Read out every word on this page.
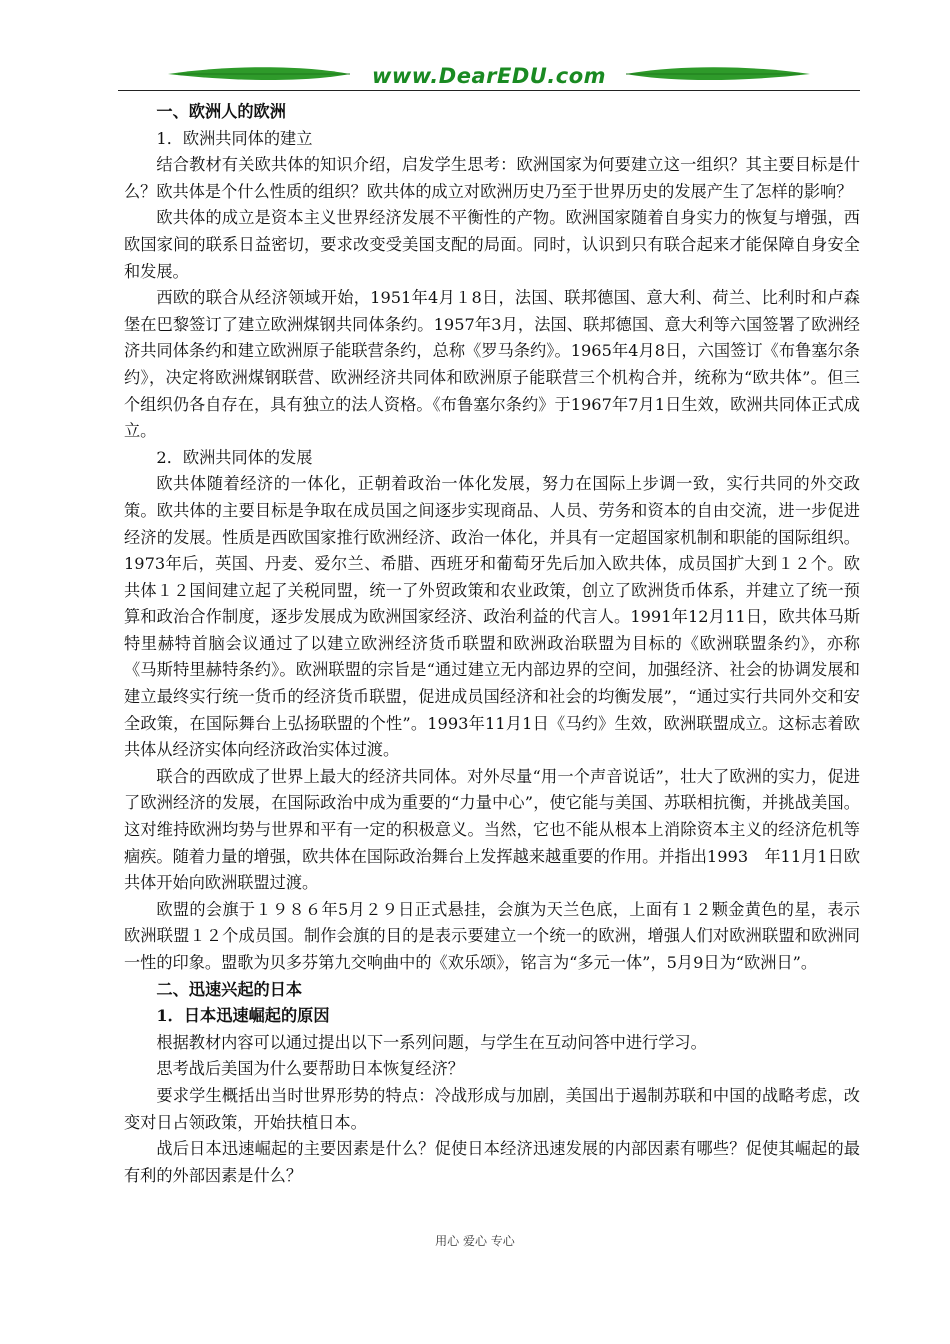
www.DearEDU.com

一、欧洲人的欧洲

1．欧洲共同体的建立

结合教材有关欧共体的知识介绍，启发学生思考：欧洲国家为何要建立这一组织？其主要目标是什么？欧共体是个什么性质的组织？欧共体的成立对欧洲历史乃至于世界历史的发展产生了怎样的影响？

欧共体的成立是资本主义世界经济发展不平衡性的产物。欧洲国家随着自身实力的恢复与增强，西欧国家间的联系日益密切，要求改变受美国支配的局面。同时，认识到只有联合起来才能保障自身安全和发展。

西欧的联合从经济领域开始，1951年4月１8日，法国、联邦德国、意大利、荷兰、比利时和卢森堡在巴黎签订了建立欧洲煤钢共同体条约。1957年3月，法国、联邦德国、意大利等六国签署了欧洲经济共同体条约和建立欧洲原子能联营条约，总称《罗马条约》。1965年4月8日，六国签订《布鲁塞尔条约》，决定将欧洲煤钢联营、欧洲经济共同体和欧洲原子能联营三个机构合并，统称为“欧共体”。但三个组织仍各自存在，具有独立的法人资格。《布鲁塞尔条约》于1967年7月1日生效，欧洲共同体正式成立。

2．欧洲共同体的发展

欧共体随着经济的一体化，正朝着政治一体化发展，努力在国际上步调一致，实行共同的外交政策。欧共体的主要目标是争取在成员国之间逐步实现商品、人员、劳务和资本的自由交流，进一步促进经济的发展。性质是西欧国家推行欧洲经济、政治一体化，并具有一定超国家机制和职能的国际组织。1973年后，英国、丹麦、爱尔兰、希腊、西班牙和葡萄牙先后加入欧共体，成员国扩大到１２个。欧共体１２国间建立起了关税同盟，统一了外贸政策和农业政策，创立了欧洲货币体系，并建立了统一预算和政治合作制度，逐步发展成为欧洲国家经济、政治利益的代言人。1991年12月11日，欧共体马斯特里赫特首脑会议通过了以建立欧洲经济货币联盟和欧洲政治联盟为目标的《欧洲联盟条约》，亦称《马斯特里赫特条约》。欧洲联盟的宗旨是“通过建立无内部边界的空间，加强经济、社会的协调发展和建立最终实行统一货币的经济货币联盟，促进成员国经济和社会的均衡发展”，“通过实行共同外交和安全政策，在国际舞台上弘扬联盟的个性”。1993年11月1日《马约》生效，欧洲联盟成立。这标志着欧共体从经济实体向经济政治实体过渡。

联合的西欧成了世界上最大的经济共同体。对外尽量“用一个声音说话”，壮大了欧洲的实力，促进了欧洲经济的发展，在国际政治中成为重要的“力量中心”，使它能与美国、苏联相抗衡，并挑战美国。这对维持欧洲均势与世界和平有一定的积极意义。当然，它也不能从根本上消除资本主义的经济危机等痼疾。随着力量的增强，欧共体在国际政治舞台上发挥越来越重要的作用。并指出1993　年11月1日欧共体开始向欧洲联盟过渡。

欧盟的会旗于１９８６年5月２９日正式悬挂，会旗为天兰色底，上面有１２颗金黄色的星，表示欧洲联盟１２个成员国。制作会旗的目的是表示要建立一个统一的欧洲，增强人们对欧洲联盟和欧洲同一性的印象。盟歌为贝多芬第九交响曲中的《欢乐颂》，铭言为“多元一体”，5月9日为“欧洲日”。

二、迅速兴起的日本

1．日本迅速崛起的原因

根据教材内容可以通过提出以下一系列问题，与学生在互动问答中进行学习。

思考战后美国为什么要帮助日本恢复经济？

要求学生概括出当时世界形势的特点：冷战形成与加剧，美国出于遏制苏联和中国的战略考虑，改变对日占领政策，开始扶植日本。

战后日本迅速崛起的主要因素是什么？促使日本经济迅速发展的内部因素有哪些？促使其崛起的最有利的外部因素是什么？

用心 爱心 专心
